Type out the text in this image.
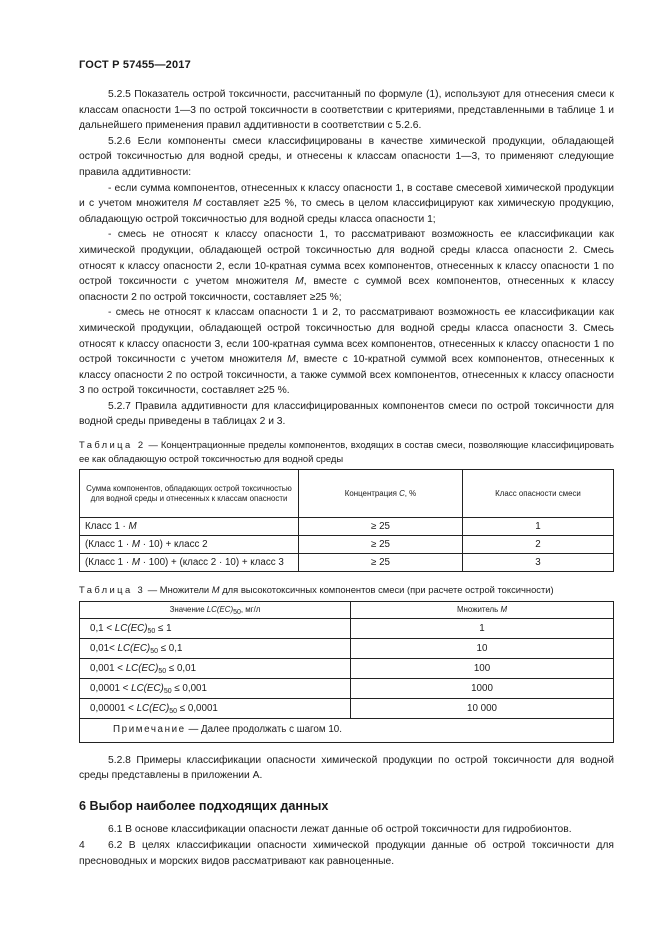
ГОСТ Р 57455—2017

5.2.5 Показатель острой токсичности, рассчитанный по формуле (1), используют для отнесения смеси к классам опасности 1—3 по острой токсичности в соответствии с критериями, представленными в таблице 1 и дальнейшего применения правил аддитивности в соответствии с 5.2.6.

5.2.6 Если компоненты смеси классифицированы в качестве химической продукции, обладающей острой токсичностью для водной среды, и отнесены к классам опасности 1—3, то применяют следующие правила аддитивности:

- если сумма компонентов, отнесенных к классу опасности 1, в составе смесевой химической продукции и с учетом множителя M составляет ≥25 %, то смесь в целом классифицируют как химическую продукцию, обладающую острой токсичностью для водной среды класса опасности 1;

- смесь не относят к классу опасности 1, то рассматривают возможность ее классификации как химической продукции, обладающей острой токсичностью для водной среды класса опасности 2. Смесь относят к классу опасности 2, если 10-кратная сумма всех компонентов, отнесенных к классу опасности 1 по острой токсичности с учетом множителя M, вместе с суммой всех компонентов, отнесенных к классу опасности 2 по острой токсичности, составляет ≥25 %;

- смесь не относят к классам опасности 1 и 2, то рассматривают возможность ее классификации как химической продукции, обладающей острой токсичностью для водной среды класса опасности 3. Смесь относят к классу опасности 3, если 100-кратная сумма всех компонентов, отнесенных к классу опасности 1 по острой токсичности с учетом множителя M, вместе с 10-кратной суммой всех компонентов, отнесенных к классу опасности 2 по острой токсичности, а также суммой всех компонентов, отнесенных к классу опасности 3 по острой токсичности, составляет ≥25 %.

5.2.7 Правила аддитивности для классифицированных компонентов смеси по острой токсичности для водной среды приведены в таблицах 2 и 3.

Таблица 2 — Концентрационные пределы компонентов, входящих в состав смеси, позволяющие классифицировать ее как обладающую острой токсичностью для водной среды

Сумма компонентов, обладающих острой токсичностью для водной среды и отнесенных к классам опасности	Концентрация C, %	Класс опасности смеси
Класс 1 · M	≥ 25	1
(Класс 1 · M · 10) + класс 2	≥ 25	2
(Класс 1 · M · 100) + (класс 2 · 10) + класс 3	≥ 25	3

Таблица 3 — Множители M для высокотоксичных компонентов смеси (при расчете острой токсичности)

Значение $LC(EC)_{50}$, мг/л	Множитель M
$0,1 < LC(EC)_{50} \le 1$	1
$0,01< LC(EC)_{50} \le 0,1$	10
$0,001 < LC(EC)_{50} \le 0,01$	100
$0,0001 < LC(EC)_{50} \le 0,001$	1000
$0,00001 < LC(EC)_{50} \le 0,0001$	10 000
Примечание — Далее продолжать с шагом 10.	

5.2.8 Примеры классификации опасности химической продукции по острой токсичности для водной среды представлены в приложении А.

6 Выбор наиболее подходящих данных

6.1 В основе классификации опасности лежат данные об острой токсичности для гидробионтов.

6.2 В целях классификации опасности химической продукции данные об острой токсичности для пресноводных и морских видов рассматривают как равноценные.

4
